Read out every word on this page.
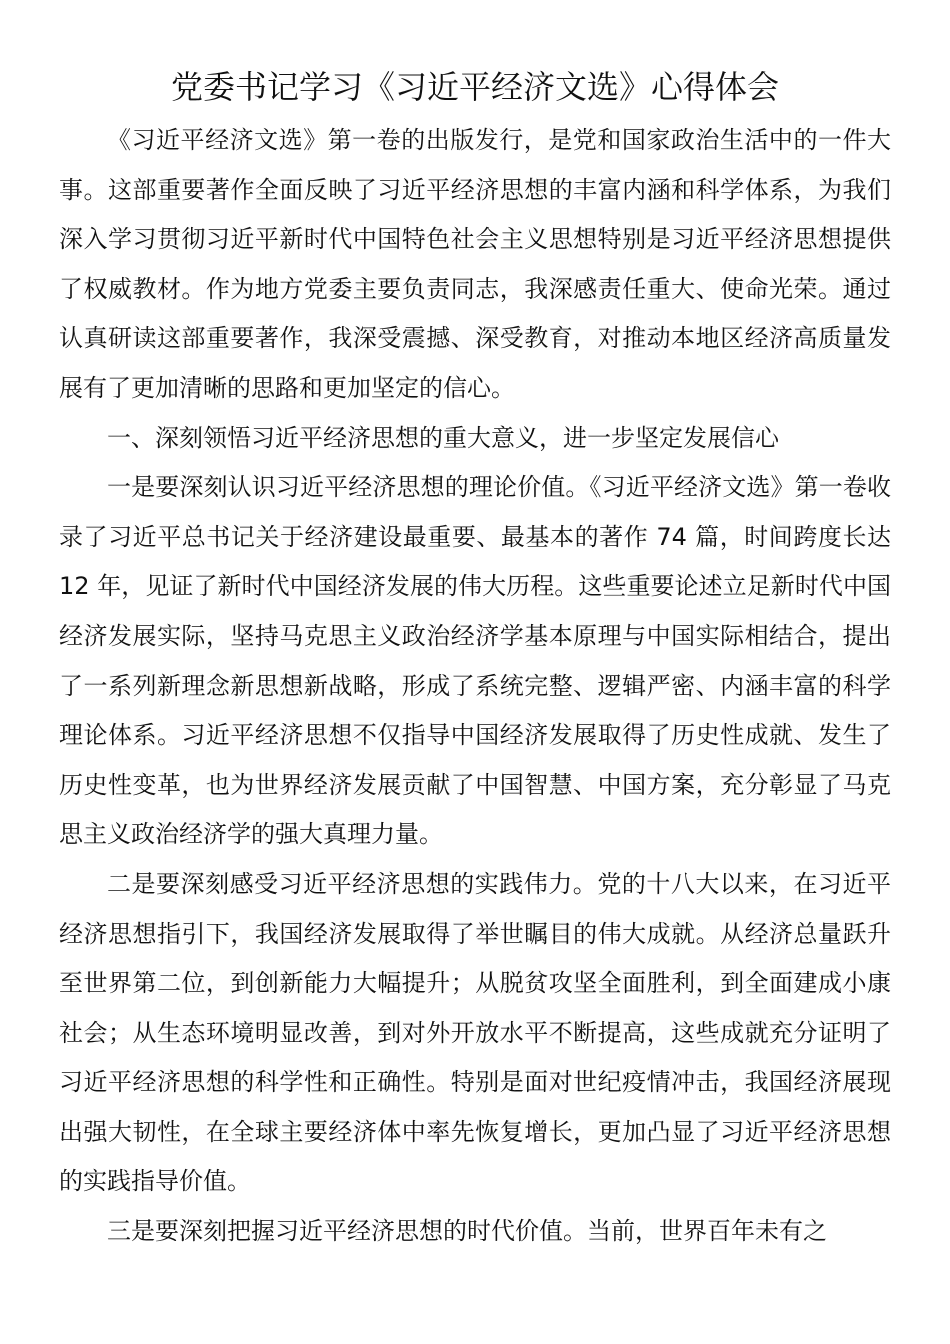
党委书记学习《习近平经济文选》心得体会

《习近平经济文选》第一卷的出版发行，是党和国家政治生活中的一件大事。这部重要著作全面反映了习近平经济思想的丰富内涵和科学体系，为我们深入学习贯彻习近平新时代中国特色社会主义思想特别是习近平经济思想提供了权威教材。作为地方党委主要负责同志，我深感责任重大、使命光荣。通过认真研读这部重要著作，我深受震撼、深受教育，对推动本地区经济高质量发展有了更加清晰的思路和更加坚定的信心。

一、深刻领悟习近平经济思想的重大意义，进一步坚定发展信心

一是要深刻认识习近平经济思想的理论价值。《习近平经济文选》第一卷收录了习近平总书记关于经济建设最重要、最基本的著作 74 篇，时间跨度长达 12 年，见证了新时代中国经济发展的伟大历程。这些重要论述立足新时代中国经济发展实际，坚持马克思主义政治经济学基本原理与中国实际相结合，提出了一系列新理念新思想新战略，形成了系统完整、逻辑严密、内涵丰富的科学理论体系。习近平经济思想不仅指导中国经济发展取得了历史性成就、发生了历史性变革，也为世界经济发展贡献了中国智慧、中国方案，充分彰显了马克思主义政治经济学的强大真理力量。

二是要深刻感受习近平经济思想的实践伟力。党的十八大以来，在习近平经济思想指引下，我国经济发展取得了举世瞩目的伟大成就。从经济总量跃升至世界第二位，到创新能力大幅提升；从脱贫攻坚全面胜利，到全面建成小康社会；从生态环境明显改善，到对外开放水平不断提高，这些成就充分证明了习近平经济思想的科学性和正确性。特别是面对世纪疫情冲击，我国经济展现出强大韧性，在全球主要经济体中率先恢复增长，更加凸显了习近平经济思想的实践指导价值。

三是要深刻把握习近平经济思想的时代价值。当前，世界百年未有之
